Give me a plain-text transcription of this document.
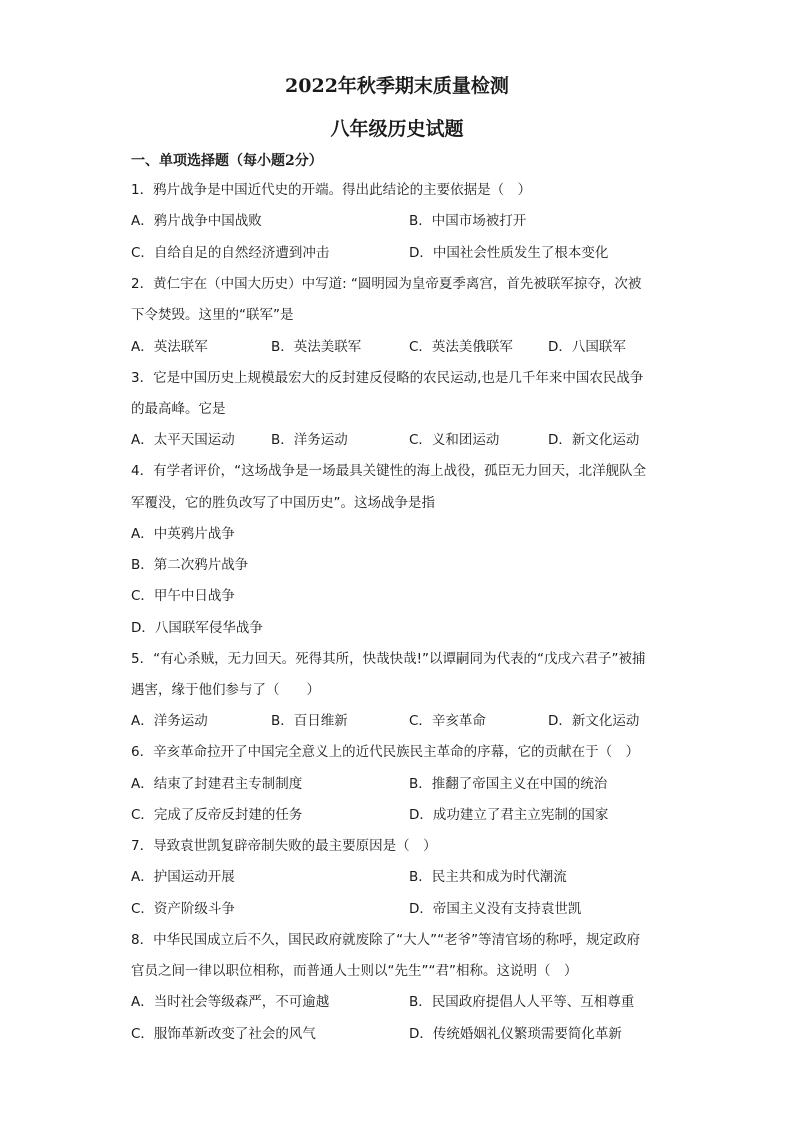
2022年秋季期末质量检测
八年级历史试题
一、单项选择题（每小题2分）
1．鸦片战争是中国近代史的开端。得出此结论的主要依据是（　）
A．鸦片战争中国战败	B．中国市场被打开
C．自给自足的自然经济遭到冲击	D．中国社会性质发生了根本变化
2．黄仁宇在（中国大历史）中写道: “圆明园为皇帝夏季离宫，首先被联军掠夺，次被
下令焚毁。这里的“联军”是
A．英法联军	B．英法美联军	C．英法美俄联军	D．八国联军
3．它是中国历史上规模最宏大的反封建反侵略的农民运动,也是几千年来中国农民战争
的最高峰。它是
A．太平天国运动	B．洋务运动	C．义和团运动	D．新文化运动
4．有学者评价，“这场战争是一场最具关键性的海上战役，孤臣无力回天，北洋舰队全
军覆没，它的胜负改写了中国历史”。这场战争是指
A．中英鸦片战争
B．第二次鸦片战争
C．甲午中日战争
D．八国联军侵华战争
5．“有心杀贼，无力回天。死得其所，快哉快哉!”以谭嗣同为代表的“戊戌六君子”被捕
遇害，缘于他们参与了（　　）
A．洋务运动	B．百日维新	C．辛亥革命	D．新文化运动
6．辛亥革命拉开了中国完全意义上的近代民族民主革命的序幕，它的贡献在于（　）
A．结束了封建君主专制制度	B．推翻了帝国主义在中国的统治
C．完成了反帝反封建的任务	D．成功建立了君主立宪制的国家
7．导致袁世凯复辟帝制失败的最主要原因是（　）
A．护国运动开展	B．民主共和成为时代潮流
C．资产阶级斗争	D．帝国主义没有支持袁世凯
8．中华民国成立后不久，国民政府就废除了“大人”“老爷”等清官场的称呼，规定政府
官员之间一律以职位相称，而普通人士则以“先生”“君”相称。这说明（　）
A．当时社会等级森严，不可逾越	B．民国政府提倡人人平等、互相尊重
C．服饰革新改变了社会的风气	D．传统婚姻礼仪繁琐需要简化革新
